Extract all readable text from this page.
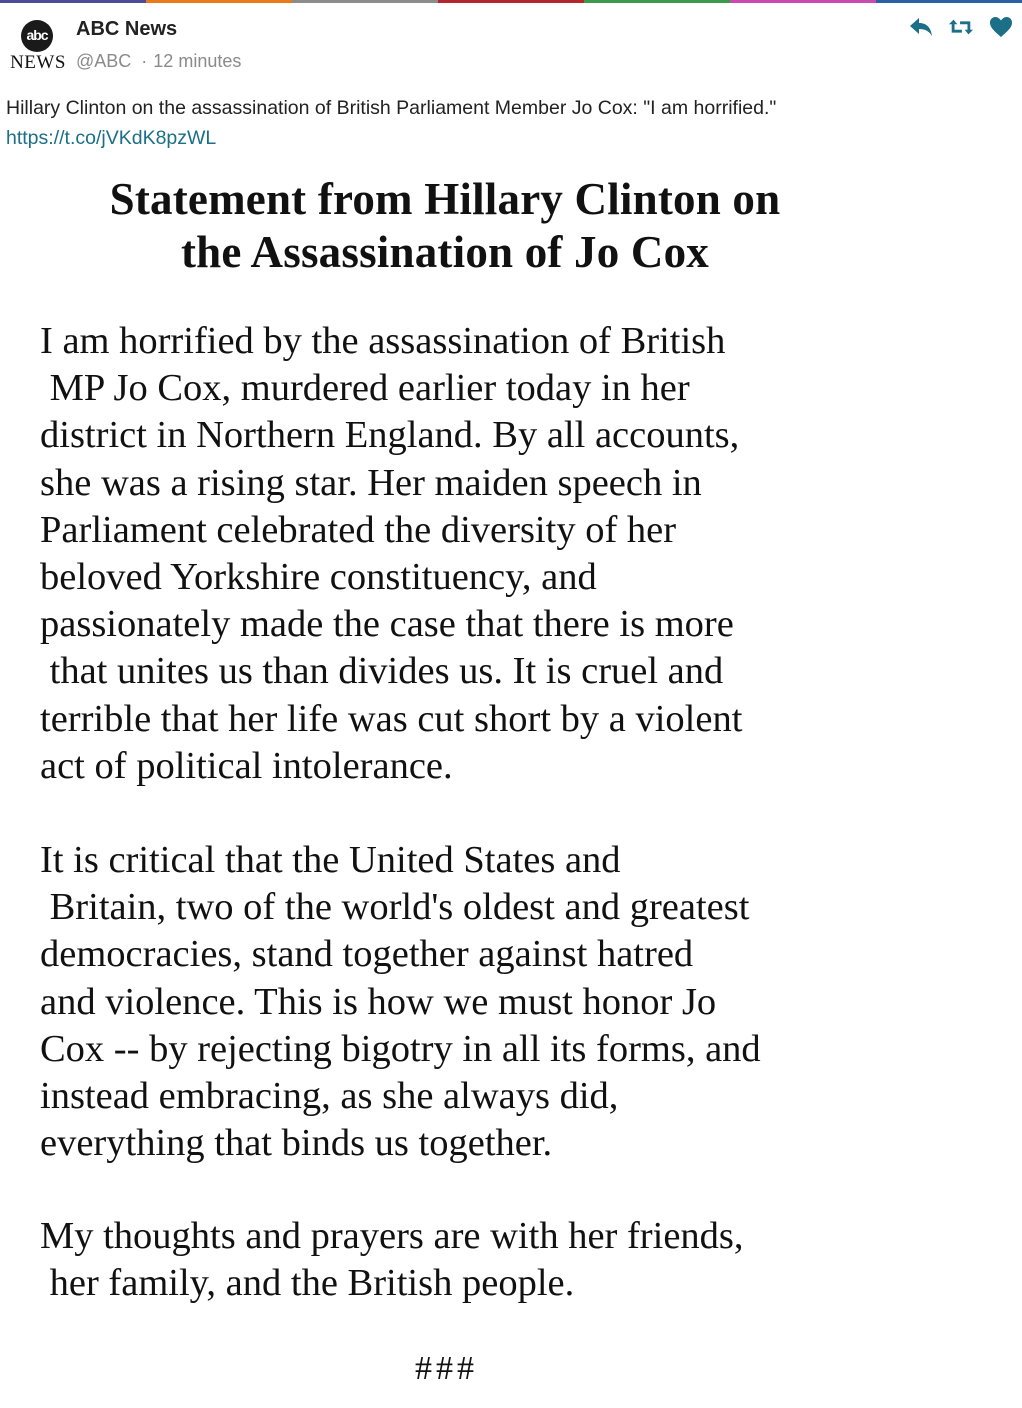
abc
NEWS
ABC News
@ABC · 12 minutes
Hillary Clinton on the assassination of British Parliament Member Jo Cox: "I am horrified."
https://t.co/jVKdK8pzWL
Statement from Hillary Clinton on
the Assassination of Jo Cox
I am horrified by the assassination of British
MP Jo Cox, murdered earlier today in her
district in Northern England. By all accounts,
she was a rising star. Her maiden speech in
Parliament celebrated the diversity of her
beloved Yorkshire constituency, and
passionately made the case that there is more
that unites us than divides us. It is cruel and
terrible that her life was cut short by a violent
act of political intolerance.
It is critical that the United States and
Britain, two of the world's oldest and greatest
democracies, stand together against hatred
and violence. This is how we must honor Jo
Cox -- by rejecting bigotry in all its forms, and
instead embracing, as she always did,
everything that binds us together.
My thoughts and prayers are with her friends,
her family, and the British people.
###
